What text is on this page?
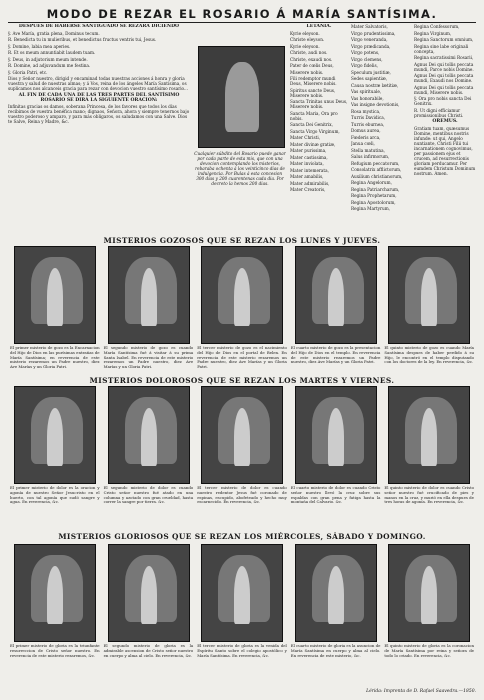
MODO DE REZAR EL ROSARIO Á MARÍA SANTÍSIMA.

DESPUES DE HABERSE SANTIGUADO SE REZARÁ DICIENDO

ÿ. Ave María, gratia plena, Dominus tecum.

R. Benedicta tu in mulieribus, et benedictus fructus ventris tui, Jesus.

ÿ. Domine, labia mea aperies.

R. Et os meum annuntiabit laudem tuam.

ÿ. Deus, in adjutorium meum intende.

R. Domine, ad adjuvandum me festina.

ÿ. Gloria Patri, etc.

Dios y Señor nuestro, dirigid y encaminad todas nuestras acciones á honra y gloria vuestra y salud de nuestras almas; y á Vos, reina de los ángeles María Santísima, os suplicamos nos alcanceis gracia para rezar con devocion vuestro santísimo rosario...

AL FIN DE CADA UNA DE LAS TRES PARTES DEL SANTÍSIMO ROSARIO SE DIRÁ LA SIGUIENTE ORACION:

Infinitas gracias os damos, soberana Princesa, de los favores que todos los días recibimos de vuestra benéfica mano; dignaos, Señora, ahora y siempre tenernos bajo vuestro poderoso y amparo, y para más obligaros, os saludamos con una Salve. Dios te Salve, Reina y Madre, &c.

Cualquier súbdito del Rosario puede ganar por cada parte de esta mis, que con una devocion contemplando los misterios, rebaraba ochenta á los veinticinco dias de indulgencia. Por Bulas á esta concesion 300 días y 200 cuarentenas cada dia. Por decreto la hemos 200 dias.

LETANIA.

Kyrie eleyson.

Christe eleyson.

Kyrie eleyson.

Christe, audi nos.

Christe, exaudi nos.

Pater de cœlis Deus,

Miserere nobis.

Fili redemptor mundi Deus, Miserere nobis.

Spiritus sancte Deus, Miserere nobis.

Sancta Trinitas unus Deus, Miserere nobis.

Sancta Maria, Ora pro nobis.

Sancta Dei Genitrix,

Sancta Virgo Virginum,

Mater Christi,

Mater divinæ gratiæ,

Mater purissima,

Mater castissima,

Mater inviolata,

Mater intemerata,

Mater amabilis,

Mater admirabilis,

Mater Creatoris,

Mater Salvatoris,

Virgo prudentissima,

Virgo veneranda,

Virgo prædicanda,

Virgo potens,

Virgo clemens,

Virgo fidelis,

Speculum justitiæ,

Sedes sapientiæ,

Causa nostræ lætitiæ,

Vas spirituale,

Vas honorabile,

Vas insigne devotionis,

Rosa mystica,

Turris Davidica,

Turris eburnea,

Domus aurea,

Fœderis arca,

Janua cœli,

Stella matutina,

Salus infirmorum,

Refugium peccatorum,

Consolatrix afflictorum,

Auxilium christianorum,

Regina Angelorum,

Regina Patriarcharum,

Regina Prophetarum,

Regina Apostolorum,

Regina Martyrum,

Regina Confessorum,

Regina Virginum,

Regina Sanctorum omnium,

Regina sine labe originali concepta,

Regina sacratissimi Rosarii,

Agnus Dei qui tollis peccata mundi, Parce nobis Domine.

Agnus Dei qui tollis peccata mundi, Exaudi nos Domine.

Agnus Dei qui tollis peccata mundi, Miserere nobis.

ÿ. Ora pro nobis sancta Dei Genitrix.

R. Ut digni efficiamur promissionibus Christi.

OREMUS.

Gratiam tuam, quæsumus Domine, mentibus nostris infunde: ut qui, Angelo nuntiante, Christi Filii tui incarnationem cognovimus, per passionem ejus et crucem, ad resurrectionis gloriam perducamur. Per eumdem Christum Dominum nostrum. Amen.

MISTERIOS GOZOSOS QUE SE REZAN LOS LUNES Y JUEVES.
El primer misterio de gozo es la Encarnacion del Hijo de Dios en las purísimas entrañas de María Santísima; en reverencia de este misterio rezaremos un Padre nuestro, diez Ave Marías y un Gloria Patri.
El segundo misterio de gozo es cuando María Santísima fué á visitar á su prima Santa Isabel. En reverencia de este misterio rezaremos un Padre nuestro, diez Ave Marías y un Gloria Patri.
El tercer misterio de gozo es el nacimiento del Hijo de Dios en el portal de Belen. En reverencia de este misterio rezaremos un Padre nuestro, diez Ave Marías y un Gloria Patri.
El cuarto misterio de gozo es la presentacion del Hijo de Dios en el templo. En reverencia de este misterio rezaremos un Padre nuestro, diez Ave Marías y un Gloria Patri.
El quinto misterio de gozo es cuando María Santísima despues de haber perdido á su Hijo, le encontró en el templo disputando con los doctores de la ley. En reverencia, &c.
MISTERIOS DOLOROSOS QUE SE REZAN LOS MARTES Y VIERNES.
El primer misterio de dolor es la oracion y agonía de nuestro Señor Jesucristo en el huerto, con tal agonía que sudó sangre y agua. En reverencia, &c.
El segundo misterio de dolor es cuando Cristo señor nuestro fué atado en una columna y azotado con gran crueldad, hasta correr la sangre por tierra. &c.
El tercer misterio de dolor es cuando nuestro redentor Jesus fué coronado de espinas, escupido, abofeteado y hecho muy escarnecido. En reverencia, &c.
El cuarto misterio de dolor es cuando Cristo señor nuestro llevó la cruz sobre sus espaldas con gran pena y fatiga hasta la montaña del Calvario. &c.
El quinto misterio de dolor es cuando Cristo señor nuestro fué crucificado de pies y manos en la cruz, y murió en ella despues de tres horas de agonía. En reverencia, &c.
MISTERIOS GLORIOSOS QUE SE REZAN LOS MIÉRCOLES, SÁBADO Y DOMINGO.
El primer misterio de gloria es la triunfante resurreccion de Cristo señor nuestro. En reverencia de este misterio rezaremos, &c.
El segundo misterio de gloria es la admirable ascension de Cristo señor nuestro en cuerpo y alma al cielo. En reverencia, &c.
El tercer misterio de gloria es la venida del Espíritu Santo sobre el colegio apostólico y María Santísima. En reverencia, &c.
El cuarto misterio de gloria es la asuncion de María Santísima en cuerpo y alma al cielo. En reverencia de este misterio, &c.
El quinto misterio de gloria es la coronacion de María Santísima por reina y señora de todo lo criado. En reverencia, &c.
Lérida: Imprenta de D. Rafael Saavedra.—1850.
